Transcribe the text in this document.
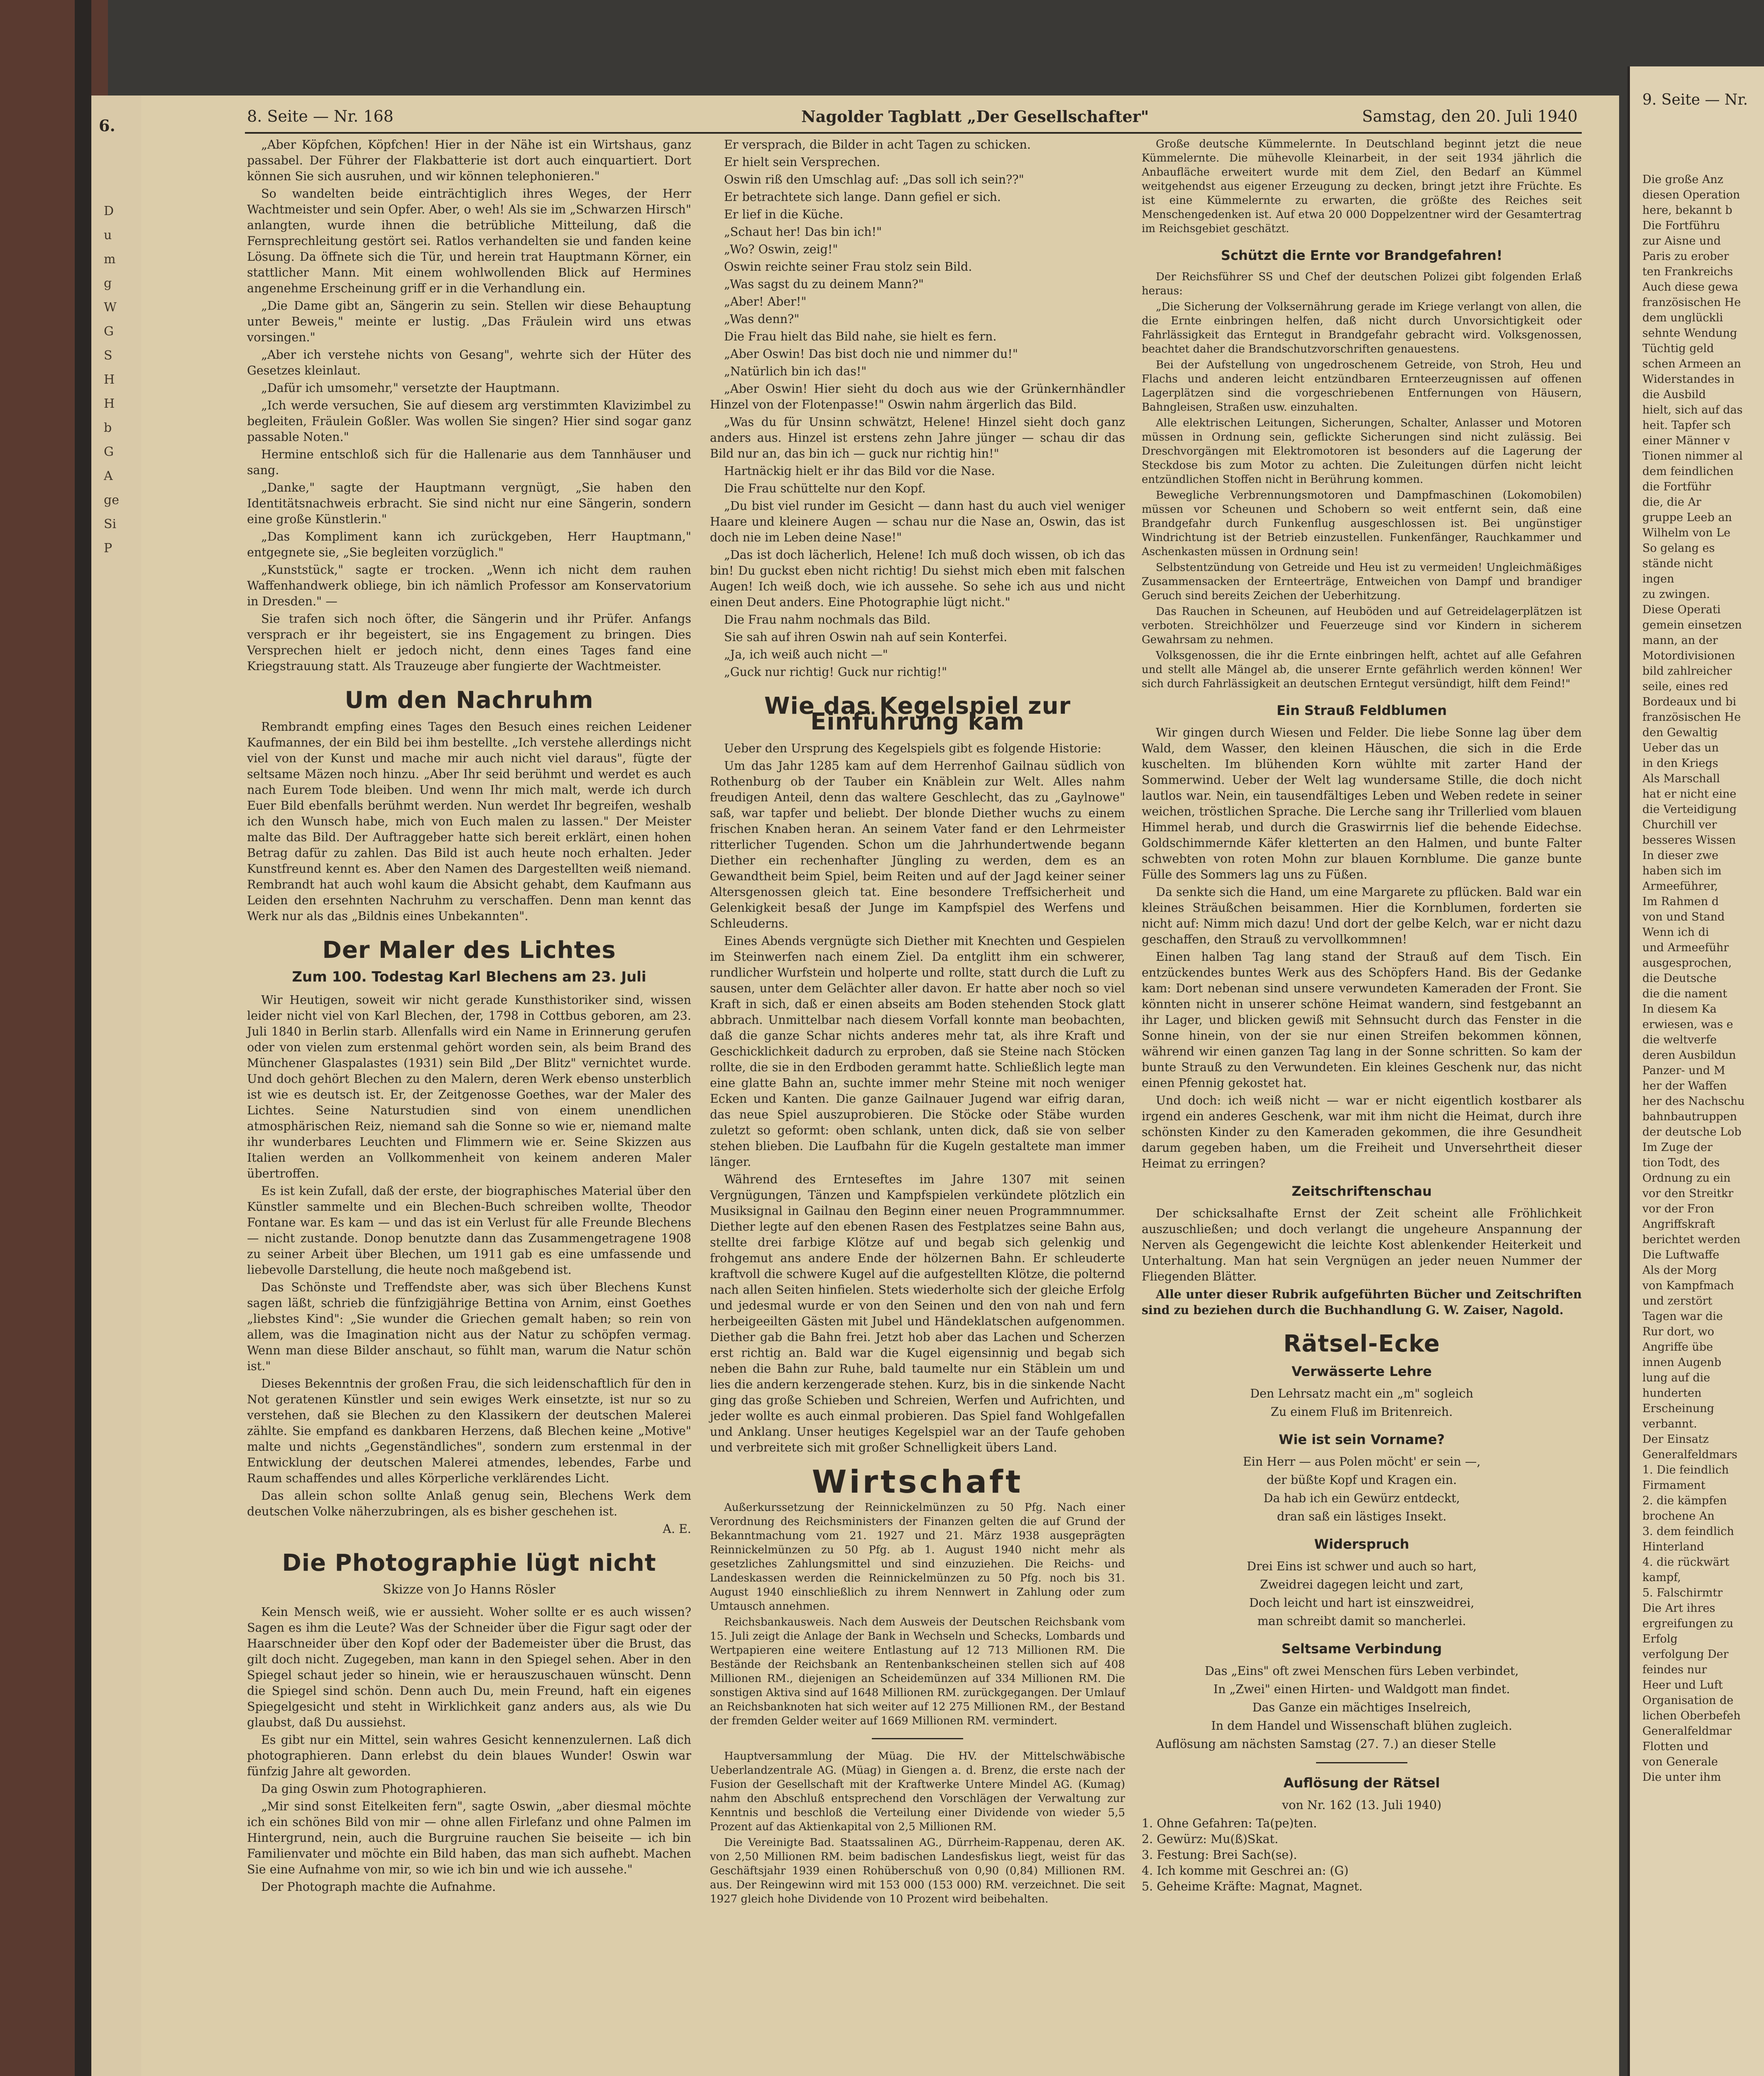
6.
DumgWGSHHbGAgeSiP
8. Seite — Nr. 168	Nagolder Tagblatt „Der Gesellschafter"	Samstag, den 20. Juli 1940

„Aber Köpfchen, Köpfchen! Hier in der Nähe ist ein Wirtshaus, ganz passabel. Der Führer der Flakbatterie ist dort auch einquartiert. Dort können Sie sich ausruhen, und wir können telephonieren."

So wandelten beide einträchtiglich ihres Weges, der Herr Wachtmeister und sein Opfer. Aber, o weh! Als sie im „Schwarzen Hirsch" anlangten, wurde ihnen die betrübliche Mitteilung, daß die Fernsprechleitung gestört sei. Ratlos verhandelten sie und fanden keine Lösung. Da öffnete sich die Tür, und herein trat Hauptmann Körner, ein stattlicher Mann. Mit einem wohlwollenden Blick auf Hermines angenehme Erscheinung griff er in die Verhandlung ein.

„Die Dame gibt an, Sängerin zu sein. Stellen wir diese Behauptung unter Beweis," meinte er lustig. „Das Fräulein wird uns etwas vorsingen."

„Aber ich verstehe nichts von Gesang", wehrte sich der Hüter des Gesetzes kleinlaut.

„Dafür ich umsomehr," versetzte der Hauptmann.

„Ich werde versuchen, Sie auf diesem arg verstimmten Klavizimbel zu begleiten, Fräulein Goßler. Was wollen Sie singen? Hier sind sogar ganz passable Noten."

Hermine entschloß sich für die Hallenarie aus dem Tannhäuser und sang.

„Danke," sagte der Hauptmann vergnügt, „Sie haben den Identitätsnachweis erbracht. Sie sind nicht nur eine Sängerin, sondern eine große Künstlerin."

„Das Kompliment kann ich zurückgeben, Herr Hauptmann," entgegnete sie, „Sie begleiten vorzüglich."

„Kunststück," sagte er trocken. „Wenn ich nicht dem rauhen Waffenhandwerk obliege, bin ich nämlich Professor am Konservatorium in Dresden." —

Sie trafen sich noch öfter, die Sängerin und ihr Prüfer. Anfangs versprach er ihr begeistert, sie ins Engagement zu bringen. Dies Versprechen hielt er jedoch nicht, denn eines Tages fand eine Kriegstrauung statt. Als Trauzeuge aber fungierte der Wachtmeister.

Um den Nachruhm

Rembrandt empfing eines Tages den Besuch eines reichen Leidener Kaufmannes, der ein Bild bei ihm bestellte. „Ich verstehe allerdings nicht viel von der Kunst und mache mir auch nicht viel daraus", fügte der seltsame Mäzen noch hinzu. „Aber Ihr seid berühmt und werdet es auch nach Eurem Tode bleiben. Und wenn Ihr mich malt, werde ich durch Euer Bild ebenfalls berühmt werden. Nun werdet Ihr begreifen, weshalb ich den Wunsch habe, mich von Euch malen zu lassen." Der Meister malte das Bild. Der Auftraggeber hatte sich bereit erklärt, einen hohen Betrag dafür zu zahlen. Das Bild ist auch heute noch erhalten. Jeder Kunstfreund kennt es. Aber den Namen des Dargestellten weiß niemand. Rembrandt hat auch wohl kaum die Absicht gehabt, dem Kaufmann aus Leiden den ersehnten Nachruhm zu verschaffen. Denn man kennt das Werk nur als das „Bildnis eines Unbekannten".

Der Maler des Lichtes
Zum 100. Todestag Karl Blechens am 23. Juli

Wir Heutigen, soweit wir nicht gerade Kunsthistoriker sind, wissen leider nicht viel von Karl Blechen, der, 1798 in Cottbus geboren, am 23. Juli 1840 in Berlin starb. Allenfalls wird ein Name in Erinnerung gerufen oder von vielen zum erstenmal gehört worden sein, als beim Brand des Münchener Glaspalastes (1931) sein Bild „Der Blitz" vernichtet wurde. Und doch gehört Blechen zu den Malern, deren Werk ebenso unsterblich ist wie es deutsch ist. Er, der Zeitgenosse Goethes, war der Maler des Lichtes. Seine Naturstudien sind von einem unendlichen atmosphärischen Reiz, niemand sah die Sonne so wie er, niemand malte ihr wunderbares Leuchten und Flimmern wie er. Seine Skizzen aus Italien werden an Vollkommenheit von keinem anderen Maler übertroffen.

Es ist kein Zufall, daß der erste, der biographisches Material über den Künstler sammelte und ein Blechen-Buch schreiben wollte, Theodor Fontane war. Es kam — und das ist ein Verlust für alle Freunde Blechens — nicht zustande. Donop benutzte dann das Zusammengetragene 1908 zu seiner Arbeit über Blechen, um 1911 gab es eine umfassende und liebevolle Darstellung, die heute noch maßgebend ist.

Das Schönste und Treffendste aber, was sich über Blechens Kunst sagen läßt, schrieb die fünfzigjährige Bettina von Arnim, einst Goethes „liebstes Kind": „Sie wunder die Griechen gemalt haben; so rein von allem, was die Imagination nicht aus der Natur zu schöpfen vermag. Wenn man diese Bilder anschaut, so fühlt man, warum die Natur schön ist."

Dieses Bekenntnis der großen Frau, die sich leidenschaftlich für den in Not geratenen Künstler und sein ewiges Werk einsetzte, ist nur so zu verstehen, daß sie Blechen zu den Klassikern der deutschen Malerei zählte. Sie empfand es dankbaren Herzens, daß Blechen keine „Motive" malte und nichts „Gegenständliches", sondern zum erstenmal in der Entwicklung der deutschen Malerei atmendes, lebendes, Farbe und Raum schaffendes und alles Körperliche verklärendes Licht.

Das allein schon sollte Anlaß genug sein, Blechens Werk dem deutschen Volke näherzubringen, als es bisher geschehen ist.

A. E.
Die Photographie lügt nicht
Skizze von Jo Hanns Rösler

Kein Mensch weiß, wie er aussieht. Woher sollte er es auch wissen? Sagen es ihm die Leute? Was der Schneider über die Figur sagt oder der Haarschneider über den Kopf oder der Bademeister über die Brust, das gilt doch nicht. Zugegeben, man kann in den Spiegel sehen. Aber in den Spiegel schaut jeder so hinein, wie er herauszuschauen wünscht. Denn die Spiegel sind schön. Denn auch Du, mein Freund, haft ein eigenes Spiegelgesicht und steht in Wirklichkeit ganz anders aus, als wie Du glaubst, daß Du aussiehst.

Es gibt nur ein Mittel, sein wahres Gesicht kennenzulernen. Laß dich photographieren. Dann erlebst du dein blaues Wunder! Oswin war fünfzig Jahre alt geworden.

Da ging Oswin zum Photographieren.

„Mir sind sonst Eitelkeiten fern", sagte Oswin, „aber diesmal möchte ich ein schönes Bild von mir — ohne allen Firlefanz und ohne Palmen im Hintergrund, nein, auch die Burgruine rauchen Sie beiseite — ich bin Familienvater und möchte ein Bild haben, das man sich aufhebt. Machen Sie eine Aufnahme von mir, so wie ich bin und wie ich aussehe."

Der Photograph machte die Aufnahme.

Er versprach, die Bilder in acht Tagen zu schicken.

Er hielt sein Versprechen.

Oswin riß den Umschlag auf: „Das soll ich sein??"

Er betrachtete sich lange. Dann gefiel er sich.

Er lief in die Küche.

„Schaut her! Das bin ich!"

„Wo? Oswin, zeig!"

Oswin reichte seiner Frau stolz sein Bild.

„Was sagst du zu deinem Mann?"

„Aber! Aber!"

„Was denn?"

Die Frau hielt das Bild nahe, sie hielt es fern.

„Aber Oswin! Das bist doch nie und nimmer du!"

„Natürlich bin ich das!"

„Aber Oswin! Hier sieht du doch aus wie der Grünkernhändler Hinzel von der Flotenpasse!" Oswin nahm ärgerlich das Bild.

„Was du für Unsinn schwätzt, Helene! Hinzel sieht doch ganz anders aus. Hinzel ist erstens zehn Jahre jünger — schau dir das Bild nur an, das bin ich — guck nur richtig hin!"

Hartnäckig hielt er ihr das Bild vor die Nase.

Die Frau schüttelte nur den Kopf.

„Du bist viel runder im Gesicht — dann hast du auch viel weniger Haare und kleinere Augen — schau nur die Nase an, Oswin, das ist doch nie im Leben deine Nase!"

„Das ist doch lächerlich, Helene! Ich muß doch wissen, ob ich das bin! Du guckst eben nicht richtig! Du siehst mich eben mit falschen Augen! Ich weiß doch, wie ich aussehe. So sehe ich aus und nicht einen Deut anders. Eine Photographie lügt nicht."

Die Frau nahm nochmals das Bild.

Sie sah auf ihren Oswin nah auf sein Konterfei.

„Ja, ich weiß auch nicht —"

„Guck nur richtig! Guck nur richtig!"

Wie das Kegelspiel zur Einführung kam

Ueber den Ursprung des Kegelspiels gibt es folgende Historie:

Um das Jahr 1285 kam auf dem Herrenhof Gailnau südlich von Rothenburg ob der Tauber ein Knäblein zur Welt. Alles nahm freudigen Anteil, denn das waltere Geschlecht, das zu „Gaylnowe" saß, war tapfer und beliebt. Der blonde Diether wuchs zu einem frischen Knaben heran. An seinem Vater fand er den Lehrmeister ritterlicher Tugenden. Schon um die Jahrhundertwende begann Diether ein rechenhafter Jüngling zu werden, dem es an Gewandtheit beim Spiel, beim Reiten und auf der Jagd keiner seiner Altersgenossen gleich tat. Eine besondere Treffsicherheit und Gelenkigkeit besaß der Junge im Kampfspiel des Werfens und Schleuderns.

Eines Abends vergnügte sich Diether mit Knechten und Gespielen im Steinwerfen nach einem Ziel. Da entglitt ihm ein schwerer, rundlicher Wurfstein und holperte und rollte, statt durch die Luft zu sausen, unter dem Gelächter aller davon. Er hatte aber noch so viel Kraft in sich, daß er einen abseits am Boden stehenden Stock glatt abbrach. Unmittelbar nach diesem Vorfall konnte man beobachten, daß die ganze Schar nichts anderes mehr tat, als ihre Kraft und Geschicklichkeit dadurch zu erproben, daß sie Steine nach Stöcken rollte, die sie in den Erdboden gerammt hatte. Schließlich legte man eine glatte Bahn an, suchte immer mehr Steine mit noch weniger Ecken und Kanten. Die ganze Gailnauer Jugend war eifrig daran, das neue Spiel auszuprobieren. Die Stöcke oder Stäbe wurden zuletzt so geformt: oben schlank, unten dick, daß sie von selber stehen blieben. Die Laufbahn für die Kugeln gestaltete man immer länger.

Während des Ernteseftes im Jahre 1307 mit seinen Vergnügungen, Tänzen und Kampfspielen verkündete plötzlich ein Musiksignal in Gailnau den Beginn einer neuen Programmnummer. Diether legte auf den ebenen Rasen des Festplatzes seine Bahn aus, stellte drei farbige Klötze auf und begab sich gelenkig und frohgemut ans andere Ende der hölzernen Bahn. Er schleuderte kraftvoll die schwere Kugel auf die aufgestellten Klötze, die polternd nach allen Seiten hinfielen. Stets wiederholte sich der gleiche Erfolg und jedesmal wurde er von den Seinen und den von nah und fern herbeigeeilten Gästen mit Jubel und Händeklatschen aufgenommen. Diether gab die Bahn frei. Jetzt hob aber das Lachen und Scherzen erst richtig an. Bald war die Kugel eigensinnig und begab sich neben die Bahn zur Ruhe, bald taumelte nur ein Stäblein um und lies die andern kerzengerade stehen. Kurz, bis in die sinkende Nacht ging das große Schieben und Schreien, Werfen und Aufrichten, und jeder wollte es auch einmal probieren. Das Spiel fand Wohlgefallen und Anklang. Unser heutiges Kegelspiel war an der Taufe gehoben und verbreitete sich mit großer Schnelligkeit übers Land.

Wirtschaft

Außerkurssetzung der Reinnickelmünzen zu 50 Pfg. Nach einer Verordnung des Reichsministers der Finanzen gelten die auf Grund der Bekanntmachung vom 21. 1927 und 21. März 1938 ausgeprägten Reinnickelmünzen zu 50 Pfg. ab 1. August 1940 nicht mehr als gesetzliches Zahlungsmittel und sind einzuziehen. Die Reichs- und Landeskassen werden die Reinnickelmünzen zu 50 Pfg. noch bis 31. August 1940 einschließlich zu ihrem Nennwert in Zahlung oder zum Umtausch annehmen.

Reichsbankausweis. Nach dem Ausweis der Deutschen Reichsbank vom 15. Juli zeigt die Anlage der Bank in Wechseln und Schecks, Lombards und Wertpapieren eine weitere Entlastung auf 12 713 Millionen RM. Die Bestände der Reichsbank an Rentenbankscheinen stellen sich auf 408 Millionen RM., diejenigen an Scheidemünzen auf 334 Millionen RM. Die sonstigen Aktiva sind auf 1648 Millionen RM. zurückgegangen. Der Umlauf an Reichsbanknoten hat sich weiter auf 12 275 Millionen RM., der Bestand der fremden Gelder weiter auf 1669 Millionen RM. vermindert.

Hauptversammlung der Müag. Die HV. der Mittelschwäbische Ueberlandzentrale AG. (Müag) in Giengen a. d. Brenz, die erste nach der Fusion der Gesellschaft mit der Kraftwerke Untere Mindel AG. (Kumag) nahm den Abschluß entsprechend den Vorschlägen der Verwaltung zur Kenntnis und beschloß die Verteilung einer Dividende von wieder 5,5 Prozent auf das Aktienkapital von 2,5 Millionen RM.

Die Vereinigte Bad. Staatssalinen AG., Dürrheim-Rappenau, deren AK. von 2,50 Millionen RM. beim badischen Landesfiskus liegt, weist für das Geschäftsjahr 1939 einen Rohüberschuß von 0,90 (0,84) Millionen RM. aus. Der Reingewinn wird mit 153 000 (153 000) RM. verzeichnet. Die seit 1927 gleich hohe Dividende von 10 Prozent wird beibehalten.

Große deutsche Kümmelernte. In Deutschland beginnt jetzt die neue Kümmelernte. Die mühevolle Kleinarbeit, in der seit 1934 jährlich die Anbaufläche erweitert wurde mit dem Ziel, den Bedarf an Kümmel weitgehendst aus eigener Erzeugung zu decken, bringt jetzt ihre Früchte. Es ist eine Kümmelernte zu erwarten, die größte des Reiches seit Menschengedenken ist. Auf etwa 20 000 Doppelzentner wird der Gesamtertrag im Reichsgebiet geschätzt.

Schützt die Ernte vor Brandgefahren!

Der Reichsführer SS und Chef der deutschen Polizei gibt folgenden Erlaß heraus:

„Die Sicherung der Volksernährung gerade im Kriege verlangt von allen, die die Ernte einbringen helfen, daß nicht durch Unvorsichtigkeit oder Fahrlässigkeit das Erntegut in Brandgefahr gebracht wird. Volksgenossen, beachtet daher die Brandschutzvorschriften genauestens.

Bei der Aufstellung von ungedroschenem Getreide, von Stroh, Heu und Flachs und anderen leicht entzündbaren Ernteerzeugnissen auf offenen Lagerplätzen sind die vorgeschriebenen Entfernungen von Häusern, Bahngleisen, Straßen usw. einzuhalten.

Alle elektrischen Leitungen, Sicherungen, Schalter, Anlasser und Motoren müssen in Ordnung sein, geflickte Sicherungen sind nicht zulässig. Bei Dreschvorgängen mit Elektromotoren ist besonders auf die Lagerung der Steckdose bis zum Motor zu achten. Die Zuleitungen dürfen nicht leicht entzündlichen Stoffen nicht in Berührung kommen.

Bewegliche Verbrennungsmotoren und Dampfmaschinen (Lokomobilen) müssen vor Scheunen und Schobern so weit entfernt sein, daß eine Brandgefahr durch Funkenflug ausgeschlossen ist. Bei ungünstiger Windrichtung ist der Betrieb einzustellen. Funkenfänger, Rauchkammer und Aschenkasten müssen in Ordnung sein!

Selbstentzündung von Getreide und Heu ist zu vermeiden! Ungleichmäßiges Zusammensacken der Ernteerträge, Entweichen von Dampf und brandiger Geruch sind bereits Zeichen der Ueberhitzung.

Das Rauchen in Scheunen, auf Heuböden und auf Getreidelagerplätzen ist verboten. Streichhölzer und Feuerzeuge sind vor Kindern in sicherem Gewahrsam zu nehmen.

Volksgenossen, die ihr die Ernte einbringen helft, achtet auf alle Gefahren und stellt alle Mängel ab, die unserer Ernte gefährlich werden können! Wer sich durch Fahrlässigkeit an deutschen Erntegut versündigt, hilft dem Feind!"

Ein Strauß Feldblumen

Wir gingen durch Wiesen und Felder. Die liebe Sonne lag über dem Wald, dem Wasser, den kleinen Häuschen, die sich in die Erde kuschelten. Im blühenden Korn wühlte mit zarter Hand der Sommerwind. Ueber der Welt lag wundersame Stille, die doch nicht lautlos war. Nein, ein tausendfältiges Leben und Weben redete in seiner weichen, tröstlichen Sprache. Die Lerche sang ihr Trillerlied vom blauen Himmel herab, und durch die Graswirrnis lief die behende Eidechse. Goldschimmernde Käfer kletterten an den Halmen, und bunte Falter schwebten von roten Mohn zur blauen Kornblume. Die ganze bunte Fülle des Sommers lag uns zu Füßen.

Da senkte sich die Hand, um eine Margarete zu pflücken. Bald war ein kleines Sträußchen beisammen. Hier die Kornblumen, forderten sie nicht auf: Nimm mich dazu! Und dort der gelbe Kelch, war er nicht dazu geschaffen, den Strauß zu vervollkommnen!

Einen halben Tag lang stand der Strauß auf dem Tisch. Ein entzückendes buntes Werk aus des Schöpfers Hand. Bis der Gedanke kam: Dort nebenan sind unsere verwundeten Kameraden der Front. Sie könnten nicht in unserer schöne Heimat wandern, sind festgebannt an ihr Lager, und blicken gewiß mit Sehnsucht durch das Fenster in die Sonne hinein, von der sie nur einen Streifen bekommen können, während wir einen ganzen Tag lang in der Sonne schritten. So kam der bunte Strauß zu den Verwundeten. Ein kleines Geschenk nur, das nicht einen Pfennig gekostet hat.

Und doch: ich weiß nicht — war er nicht eigentlich kostbarer als irgend ein anderes Geschenk, war mit ihm nicht die Heimat, durch ihre schönsten Kinder zu den Kameraden gekommen, die ihre Gesundheit darum gegeben haben, um die Freiheit und Unversehrtheit dieser Heimat zu erringen?

Zeitschriftenschau

Der schicksalhafte Ernst der Zeit scheint alle Fröhlichkeit auszuschließen; und doch verlangt die ungeheure Anspannung der Nerven als Gegengewicht die leichte Kost ablenkender Heiterkeit und Unterhaltung. Man hat sein Vergnügen an jeder neuen Nummer der Fliegenden Blätter.

Alle unter dieser Rubrik aufgeführten Bücher und Zeitschriften sind zu beziehen durch die Buchhandlung G. W. Zaiser, Nagold.

Rätsel-Ecke
Verwässerte Lehre
Den Lehrsatz macht ein „m" sogleich
Zu einem Fluß im Britenreich.
Wie ist sein Vorname?
Ein Herr — aus Polen möcht' er sein —,
der büßte Kopf und Kragen ein.
Da hab ich ein Gewürz entdeckt,
dran saß ein lästiges Insekt.
Widerspruch
Drei Eins ist schwer und auch so hart,
Zweidrei dagegen leicht und zart,
Doch leicht und hart ist einszweidrei,
man schreibt damit so mancherlei.
Seltsame Verbindung
Das „Eins" oft zwei Menschen fürs Leben verbindet,
In „Zwei" einen Hirten- und Waldgott man findet.
Das Ganze ein mächtiges Inselreich,
In dem Handel und Wissenschaft blühen zugleich.

Auflösung am nächsten Samstag (27. 7.) an dieser Stelle

Auflösung der Rätsel
von Nr. 162 (13. Juli 1940)
1. Ohne Gefahren: Ta(pe)ten.
2. Gewürz: Mu(ß)Skat.
3. Festung: Brei Sach(se).
4. Ich komme mit Geschrei an: (G)
5. Geheime Kräfte: Magnat, Magnet.
9. Seite — Nr.

Die große Anz

diesen Operation

here, bekannt b

Die Fortführu

zur Aisne und

Paris zu erober

ten Frankreichs

Auch diese gewa

französischen He

dem unglückli

sehnte Wendung

Tüchtig geld

schen Armeen an

Widerstandes in

die Ausbild

hielt, sich auf das

heit. Tapfer sch

einer Männer v

Tionen nimmer al

dem feindlichen

die Fortführ

die, die Ar

gruppe Leeb an

Wilhelm von Le

So gelang es

stände nicht

ingen

zu zwingen.

Diese Operati

gemein einsetzen

mann, an der

Motordivisionen

bild zahlreicher

seile, eines red

Bordeaux und bi

französischen He

den Gewaltig

Ueber das un

in den Kriegs

Als Marschall

hat er nicht eine

die Verteidigung

Churchill ver

besseres Wissen

In dieser zwe

haben sich im

Armeeführer,

Im Rahmen d

von und Stand

Wenn ich di

und Armeeführ

ausgesprochen,

die Deutsche

die die nament

In diesem Ka

erwiesen, was e

die weltverfe

deren Ausbildun

Panzer- und M

her der Waffen

her des Nachschu

bahnbautruppen

der deutsche Lob

Im Zuge der

tion Todt, des

Ordnung zu ein

vor den Streitkr

vor der Fron

Angriffskraft

berichtet werden

Die Luftwaffe

Als der Morg

von Kampfmach

und zerstört

Tagen war die

Rur dort, wo

Angriffe übe

innen Augenb

lung auf die

hunderten

Erscheinung

verbannt.

Der Einsatz

Generalfeldmars

1. Die feindlich

Firmament

2. die kämpfen

brochene An

3. dem feindlich

Hinterland

4. die rückwärt

kampf,

5. Falschirmtr

Die Art ihres

ergreifungen zu

Erfolg

verfolgung Der

feindes nur

Heer und Luft

Organisation de

lichen Oberbefeh

Generalfeldmar

Flotten und

von Generale

Die unter ihm
